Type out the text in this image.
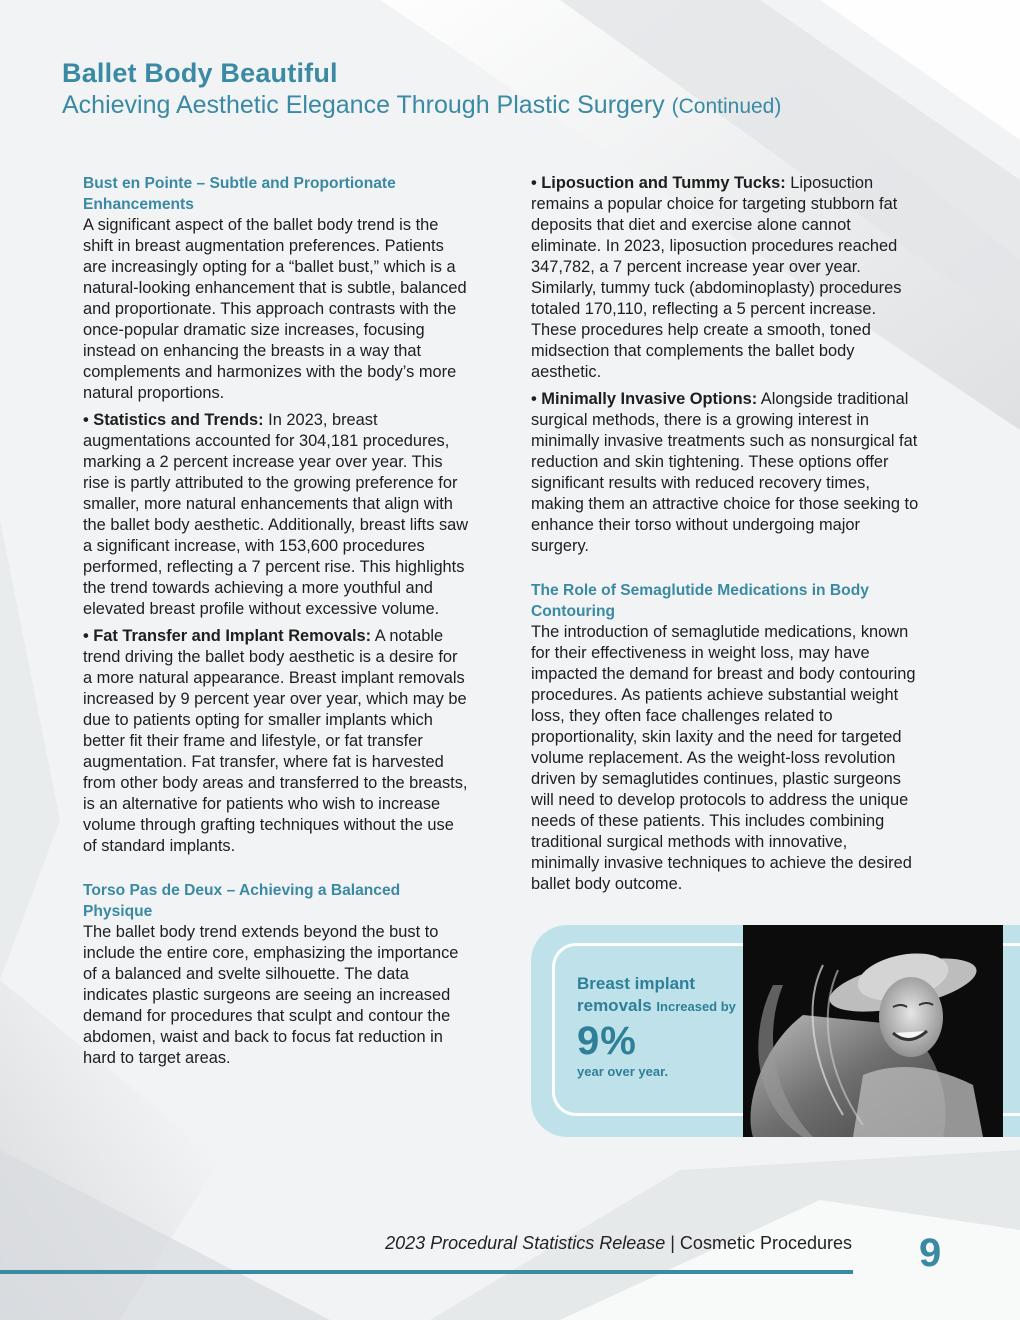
Ballet Body Beautiful
Achieving Aesthetic Elegance Through Plastic Surgery (Continued)
Bust en Pointe – Subtle and Proportionate Enhancements

A significant aspect of the ballet body trend is the shift in breast augmentation preferences. Patients are increasingly opting for a “ballet bust,” which is a natural-looking enhancement that is subtle, balanced and proportionate. This approach contrasts with the once-popular dramatic size increases, focusing instead on enhancing the breasts in a way that complements and harmonizes with the body’s more natural proportions.

• Statistics and Trends: In 2023, breast augmentations accounted for 304,181 procedures, marking a 2 percent increase year over year. This rise is partly attributed to the growing preference for smaller, more natural enhancements that align with the ballet body aesthetic. Additionally, breast lifts saw a significant increase, with 153,600 procedures performed, reflecting a 7 percent rise. This highlights the trend towards achieving a more youthful and elevated breast profile without excessive volume.

• Fat Transfer and Implant Removals: A notable trend driving the ballet body aesthetic is a desire for a more natural appearance. Breast implant removals increased by 9 percent year over year, which may be due to patients opting for smaller implants which better fit their frame and lifestyle, or fat transfer augmentation. Fat transfer, where fat is harvested from other body areas and transferred to the breasts, is an alternative for patients who wish to increase volume through grafting techniques without the use of standard implants.

Torso Pas de Deux – Achieving a Balanced Physique

The ballet body trend extends beyond the bust to include the entire core, emphasizing the importance of a balanced and svelte silhouette. The data indicates plastic surgeons are seeing an increased demand for procedures that sculpt and contour the abdomen, waist and back to focus fat reduction in hard to target areas.

• Liposuction and Tummy Tucks: Liposuction remains a popular choice for targeting stubborn fat deposits that diet and exercise alone cannot eliminate. In 2023, liposuction procedures reached 347,782, a 7 percent increase year over year. Similarly, tummy tuck (abdominoplasty) procedures totaled 170,110, reflecting a 5 percent increase. These procedures help create a smooth, toned midsection that complements the ballet body aesthetic.

• Minimally Invasive Options: Alongside traditional surgical methods, there is a growing interest in minimally invasive treatments such as nonsurgical fat reduction and skin tightening. These options offer significant results with reduced recovery times, making them an attractive choice for those seeking to enhance their torso without undergoing major surgery.

The Role of Semaglutide Medications in Body Contouring

The introduction of semaglutide medications, known for their effectiveness in weight loss, may have impacted the demand for breast and body contouring procedures. As patients achieve substantial weight loss, they often face challenges related to proportionality, skin laxity and the need for targeted volume replacement. As the weight-loss revolution driven by semaglutides continues, plastic surgeons will need to develop protocols to address the unique needs of these patients. This includes combining traditional surgical methods with innovative, minimally invasive techniques to achieve the desired ballet body outcome.

Breast implant
removals Increased by
9%
year over year.
2023 Procedural Statistics Release | Cosmetic Procedures 9
